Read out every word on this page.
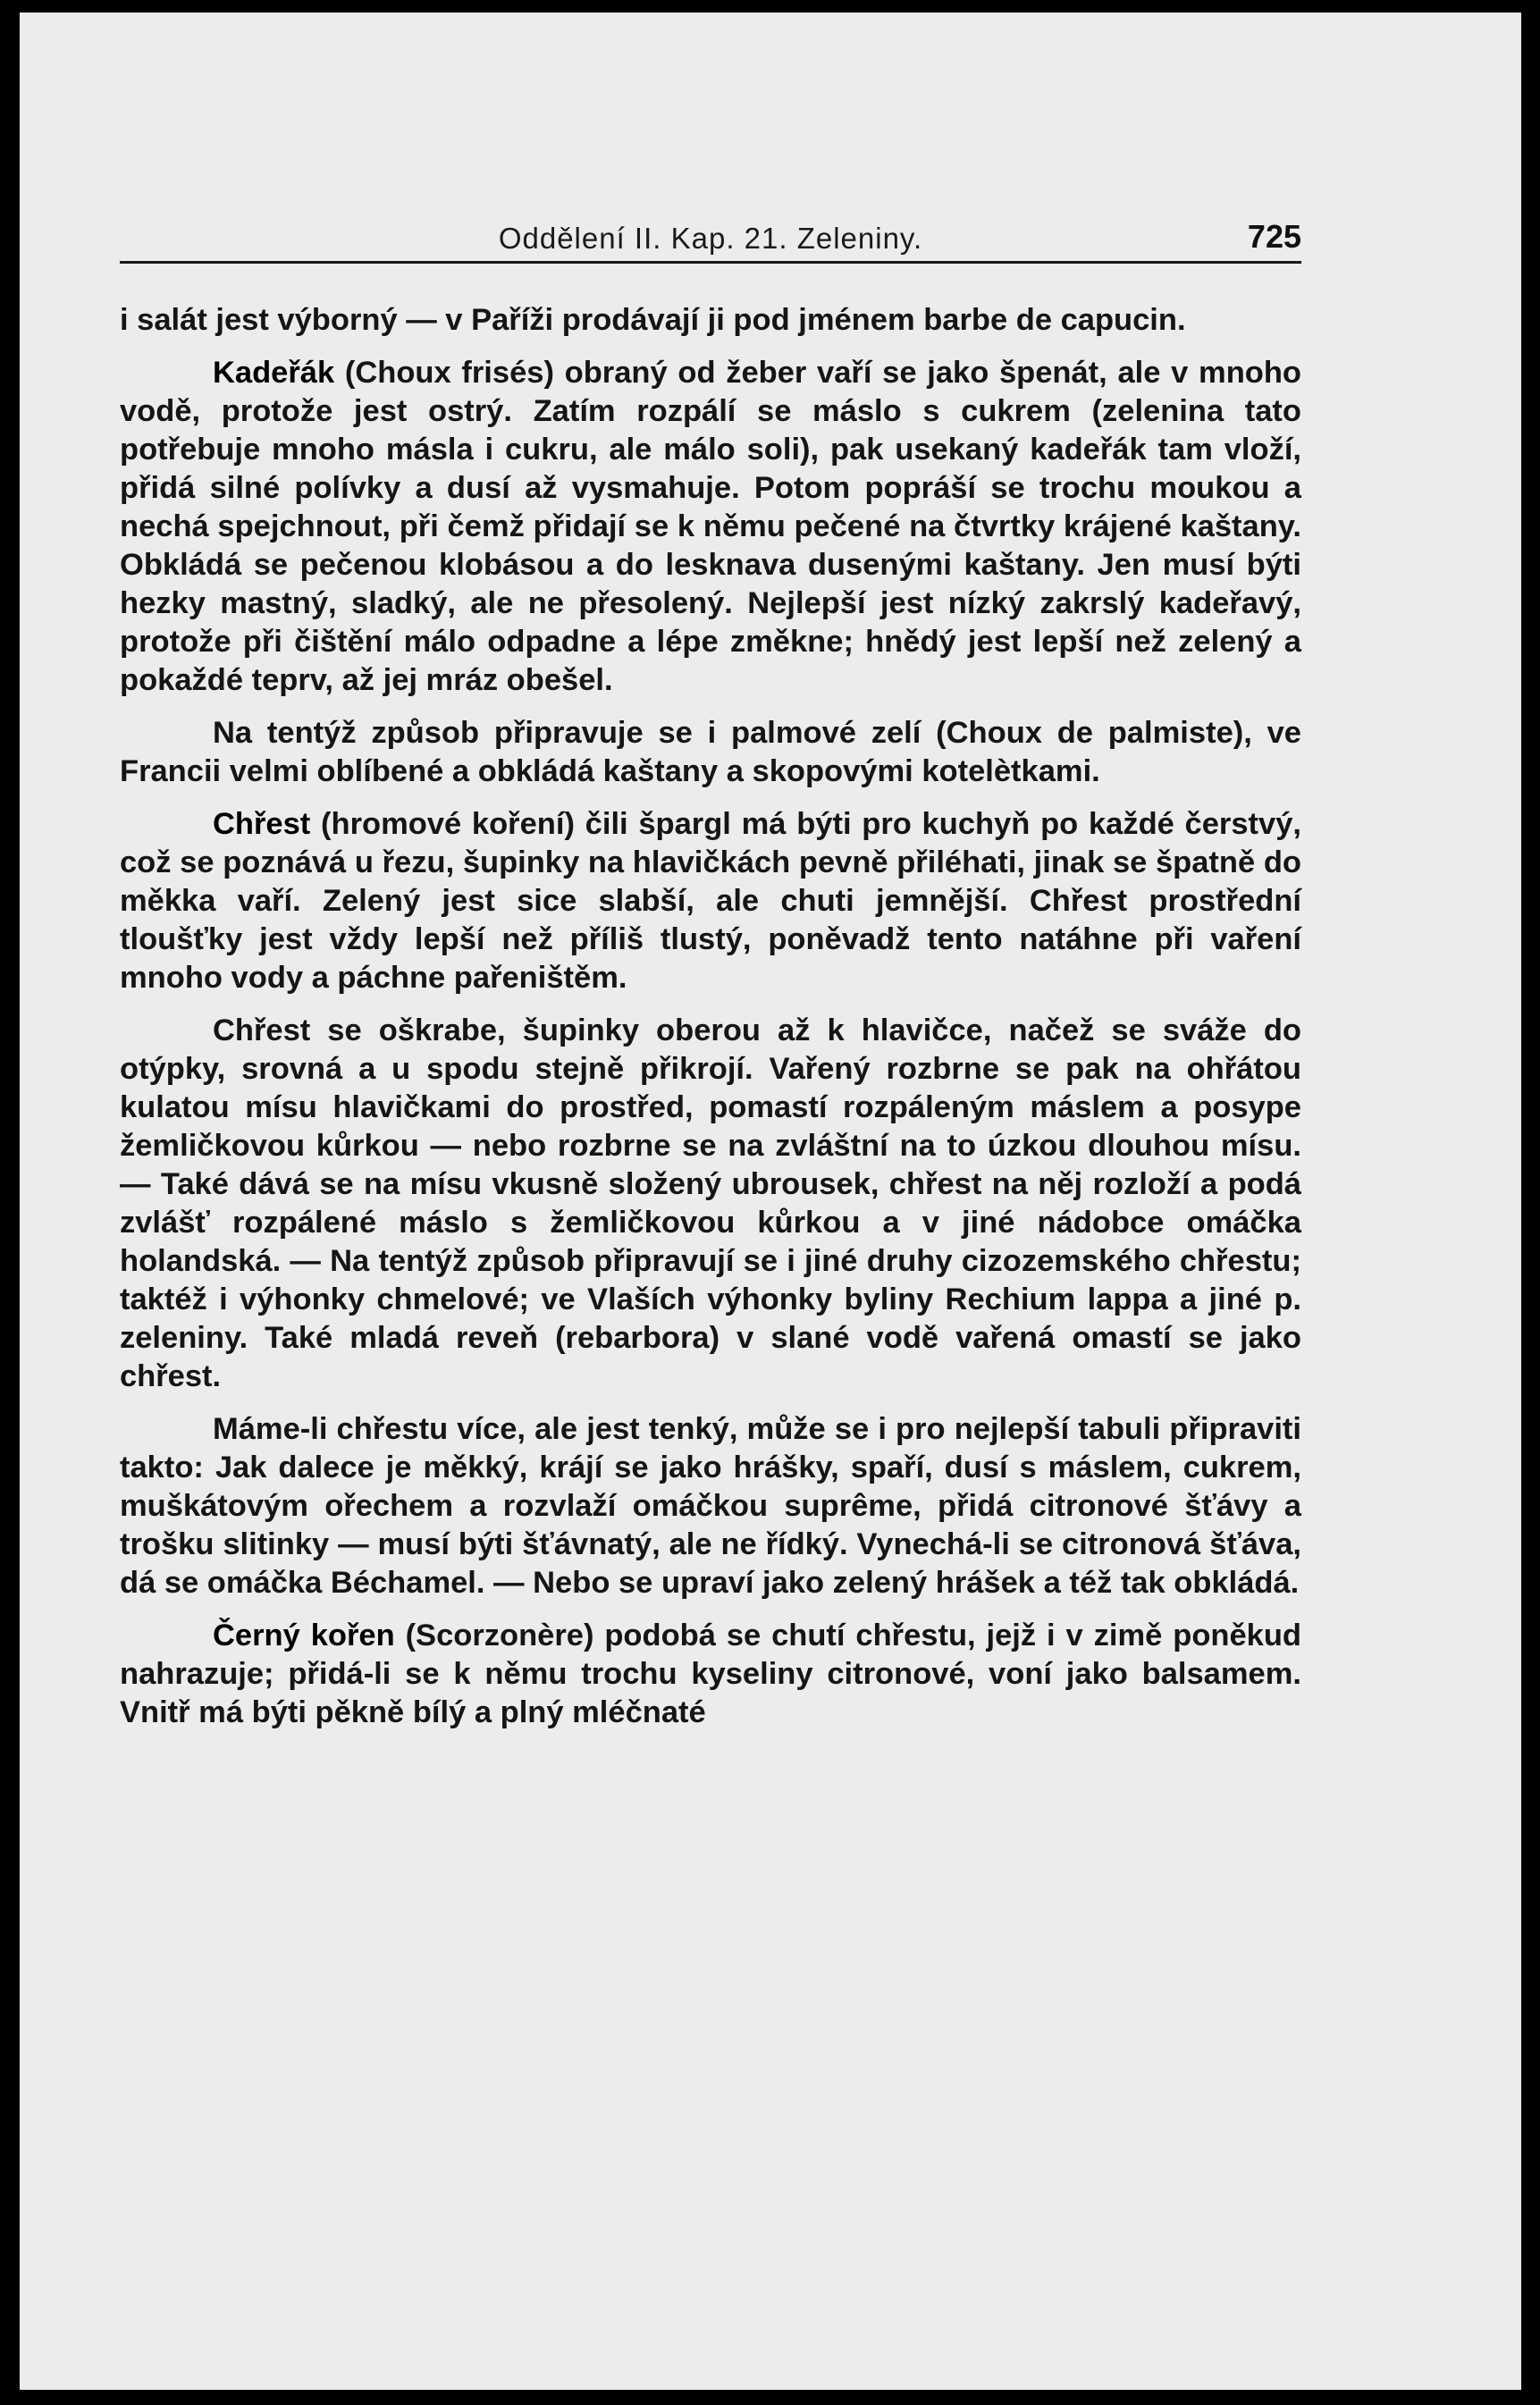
Oddělení II. Kap. 21. Zeleniny.	725

i salát jest výborný — v Paříži prodávají ji pod jménem barbe de capucin.

Kadeřák (Choux frisés) obraný od žeber vaří se jako špenát, ale v mnoho vodě, protože jest ostrý. Zatím rozpálí se máslo s cukrem (zelenina tato potřebuje mnoho másla i cukru, ale málo soli), pak usekaný kadeřák tam vloží, přidá silné polívky a dusí až vysmahuje. Potom popráší se trochu moukou a nechá spejchnout, při čemž přidají se k němu pečené na čtvrtky krájené kaštany. Obkládá se pečenou klobásou a do lesknava dusenými kaštany. Jen musí býti hezky mastný, sladký, ale ne přesolený. Nejlepší jest nízký zakrslý kadeřavý, protože při čištění málo odpadne a lépe změkne; hnědý jest lepší než zelený a pokaždé teprv, až jej mráz obešel.

Na tentýž způsob připravuje se i palmové zelí (Choux de palmiste), ve Francii velmi oblíbené a obkládá kaštany a skopovými kotelètkami.

Chřest (hromové koření) čili špargl má býti pro kuchyň po každé čerstvý, což se poznává u řezu, šupinky na hlavičkách pevně přiléhati, jinak se špatně do měkka vaří. Zelený jest sice slabší, ale chuti jemnější. Chřest prostřední tloušťky jest vždy lepší než příliš tlustý, poněvadž tento natáhne při vaření mnoho vody a páchne pařeništěm.

Chřest se oškrabe, šupinky oberou až k hlavičce, načež se sváže do otýpky, srovná a u spodu stejně přikrojí. Vařený rozbrne se pak na ohřátou kulatou mísu hlavičkami do prostřed, pomastí rozpáleným máslem a posype žemličkovou kůrkou — nebo rozbrne se na zvláštní na to úzkou dlouhou mísu. — Také dává se na mísu vkusně složený ubrousek, chřest na něj rozloží a podá zvlášť rozpálené máslo s žemličkovou kůrkou a v jiné nádobce omáčka holandská. — Na tentýž způsob připravují se i jiné druhy cizozemského chřestu; taktéž i výhonky chmelové; ve Vlaších výhonky byliny Rechium lappa a jiné p. zeleniny. Také mladá reveň (rebarbora) v slané vodě vařená omastí se jako chřest.

Máme-li chřestu více, ale jest tenký, může se i pro nejlepší tabuli připraviti takto: Jak dalece je měkký, krájí se jako hrášky, spaří, dusí s máslem, cukrem, muškátovým ořechem a rozvlaží omáčkou suprême, přidá citronové šťávy a trošku slitinky — musí býti šťávnatý, ale ne řídký. Vynechá-li se citronová šťáva, dá se omáčka Béchamel. — Nebo se upraví jako zelený hrášek a též tak obkládá.

Černý kořen (Scorzonère) podobá se chutí chřestu, jejž i v zimě poněkud nahrazuje; přidá-li se k němu trochu kyseliny citronové, voní jako balsamem. Vnitř má býti pěkně bílý a plný mléčnaté
